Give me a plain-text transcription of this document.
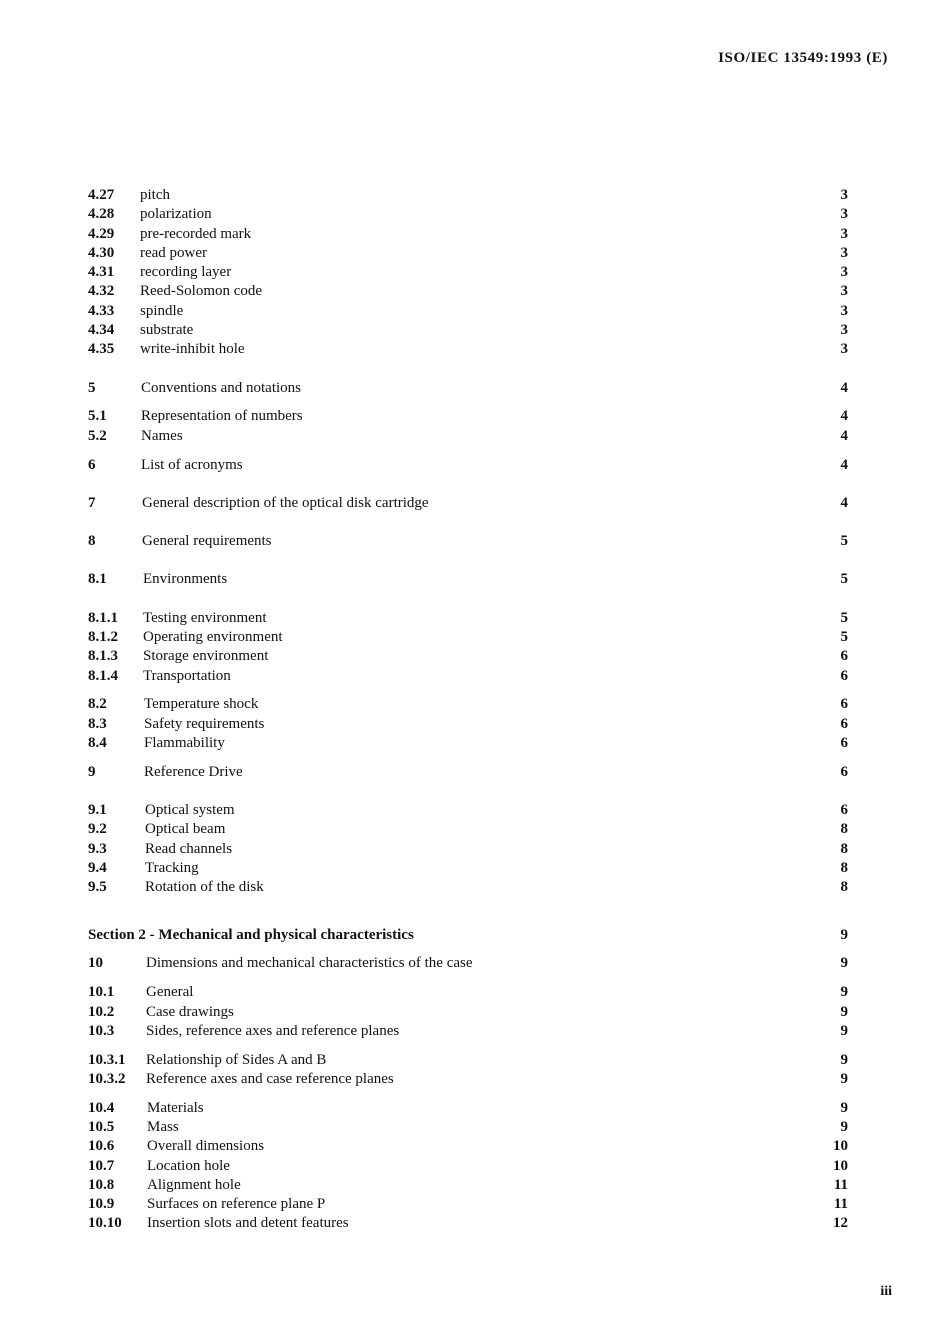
ISO/IEC 13549:1993 (E)
4.27 pitch	3
4.28 polarization	3
4.29 pre-recorded mark	3
4.30 read power	3
4.31 recording layer	3
4.32 Reed-Solomon code	3
4.33 spindle	3
4.34 substrate	3
4.35 write-inhibit hole	3
5	Conventions and notations	4
5.1 Representation of numbers	4
5.2 Names	4
6	List of acronyms	4
7	General description of the optical disk cartridge	4
8	General requirements	5
8.1 Environments	5
8.1.1 Testing environment	5
8.1.2 Operating environment	5
8.1.3 Storage environment	6
8.1.4 Transportation	6
8.2 Temperature shock	6
8.3 Safety requirements	6
8.4 Flammability	6
9	Reference Drive	6
9.1	Optical system	6
9.2	Optical beam	8
9.3	Read channels	8
9.4	Tracking	8
9.5	Rotation of the disk	8
Section 2 - Mechanical and physical characteristics	9
10	Dimensions and mechanical characteristics of the case	9
10.1 General	9
10.2 Case drawings	9
10.3 Sides, reference axes and reference planes	9
10.3.1 Relationship of Sides A and B	9
10.3.2 Reference axes and case reference planes	9
10.4 Materials	9
10.5 Mass	9
10.6 Overall dimensions	10
10.7 Location hole	10
10.8 Alignment hole	11
10.9 Surfaces on reference plane P	11
10.10 Insertion slots and detent features	12
iii
